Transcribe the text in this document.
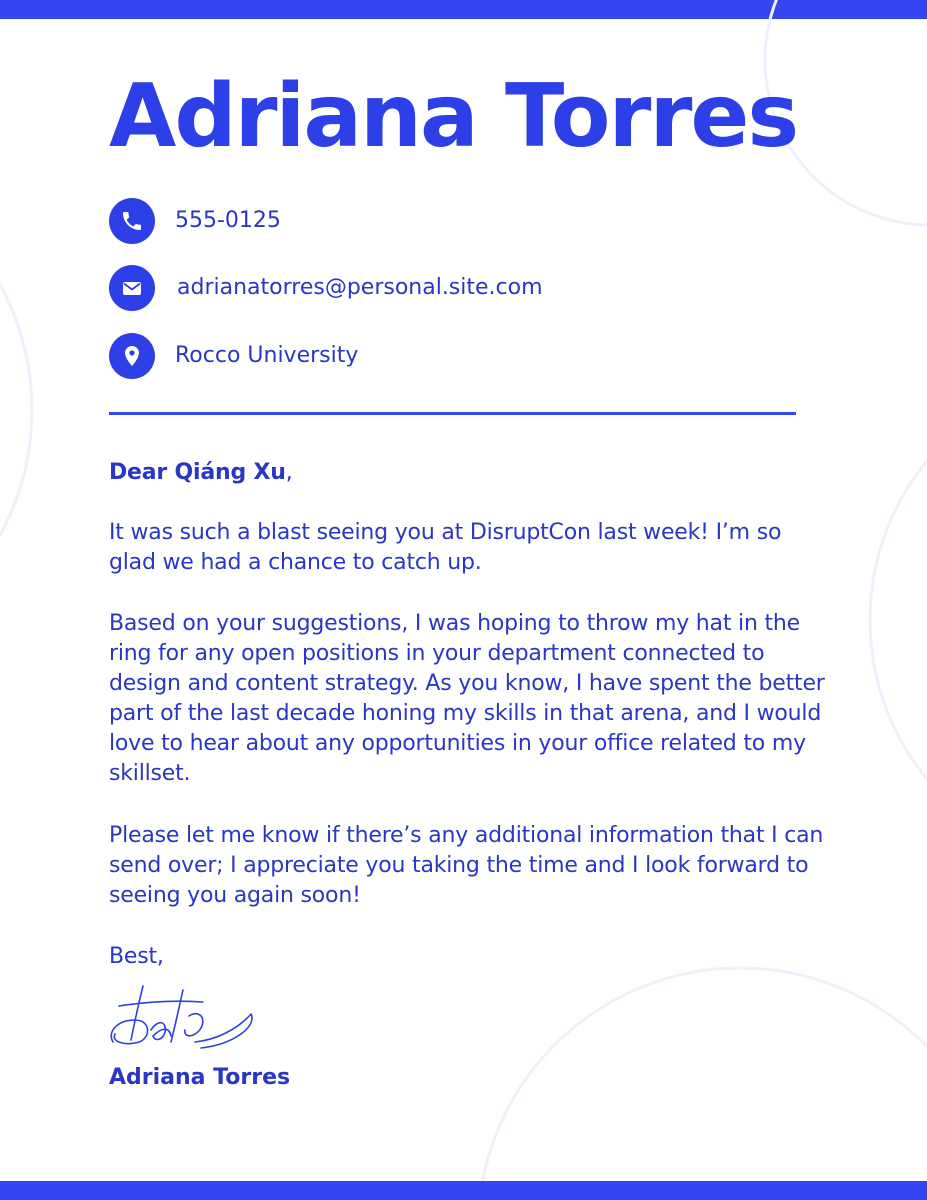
Adriana Torres
555-0125
adrianatorres@personal.site.com
Rocco University

Dear Qiáng Xu,

It was such a blast seeing you at DisruptCon last week! I’m so glad we had a chance to catch up.

Based on your suggestions, I was hoping to throw my hat in the ring for any open positions in your department connected to design and content strategy. As you know, I have spent the better part of the last decade honing my skills in that arena, and I would love to hear about any opportunities in your office related to my skillset.

Please let me know if there’s any additional information that I can send over; I appreciate you taking the time and I look forward to seeing you again soon!

Best,

Adriana Torres
